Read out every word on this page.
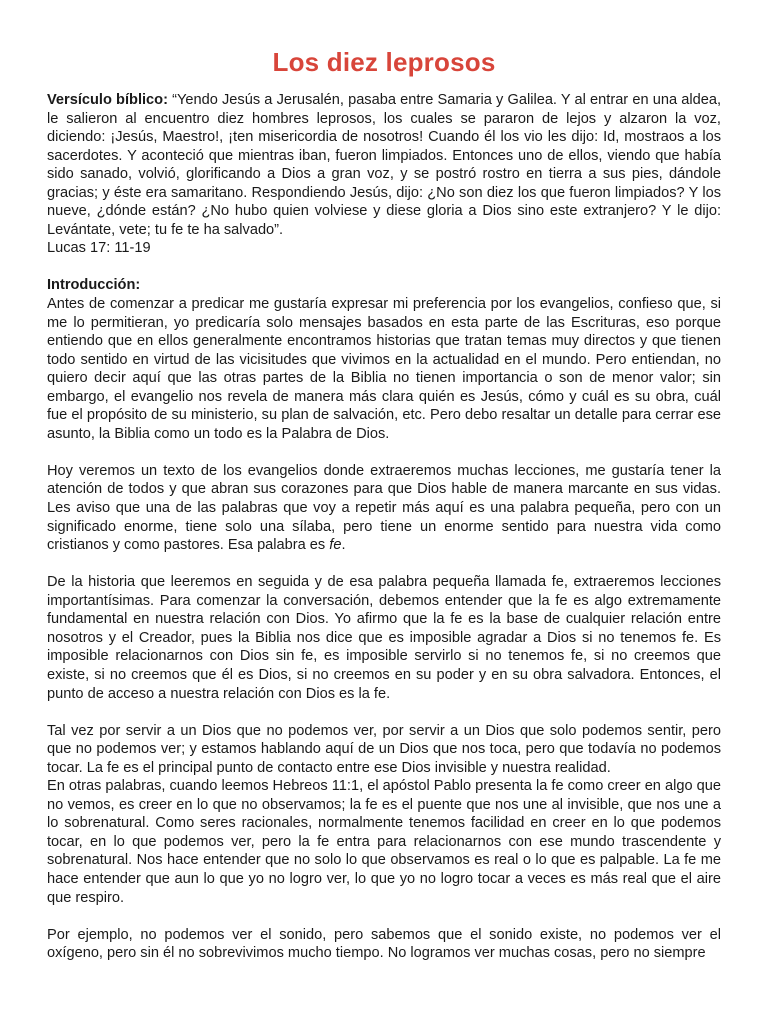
Los diez leprosos

Versículo bíblico: “Yendo Jesús a Jerusalén, pasaba entre Samaria y Galilea. Y al entrar en una aldea, le salieron al encuentro diez hombres leprosos, los cuales se pararon de lejos y alzaron la voz, diciendo: ¡Jesús, Maestro!, ¡ten misericordia de nosotros! Cuando él los vio les dijo: Id, mostraos a los sacerdotes. Y aconteció que mientras iban, fueron limpiados. Entonces uno de ellos, viendo que había sido sanado, volvió, glorificando a Dios a gran voz, y se postró rostro en tierra a sus pies, dándole gracias; y éste era samaritano. Respondiendo Jesús, dijo: ¿No son diez los que fueron limpiados? Y los nueve, ¿dónde están? ¿No hubo quien volviese y diese gloria a Dios sino este extranjero? Y le dijo: Levántate, vete; tu fe te ha salvado”.

Lucas 17: 11-19

Introducción:

Antes de comenzar a predicar me gustaría expresar mi preferencia por los evangelios, confieso que, si me lo permitieran, yo predicaría solo mensajes basados en esta parte de las Escrituras, eso porque entiendo que en ellos generalmente encontramos historias que tratan temas muy directos y que tienen todo sentido en virtud de las vicisitudes que vivimos en la actualidad en el mundo. Pero entiendan, no quiero decir aquí que las otras partes de la Biblia no tienen importancia o son de menor valor; sin embargo, el evangelio nos revela de manera más clara quién es Jesús, cómo y cuál es su obra, cuál fue el propósito de su ministerio, su plan de salvación, etc. Pero debo resaltar un detalle para cerrar ese asunto, la Biblia como un todo es la Palabra de Dios.

Hoy veremos un texto de los evangelios donde extraeremos muchas lecciones, me gustaría tener la atención de todos y que abran sus corazones para que Dios hable de manera marcante en sus vidas. Les aviso que una de las palabras que voy a repetir más aquí es una palabra pequeña, pero con un significado enorme, tiene solo una sílaba, pero tiene un enorme sentido para nuestra vida como cristianos y como pastores. Esa palabra es fe.

De la historia que leeremos en seguida y de esa palabra pequeña llamada fe, extraeremos lecciones importantísimas. Para comenzar la conversación, debemos entender que la fe es algo extremamente fundamental en nuestra relación con Dios. Yo afirmo que la fe es la base de cualquier relación entre nosotros y el Creador, pues la Biblia nos dice que es imposible agradar a Dios si no tenemos fe. Es imposible relacionarnos con Dios sin fe, es imposible servirlo si no tenemos fe, si no creemos que existe, si no creemos que él es Dios, si no creemos en su poder y en su obra salvadora. Entonces, el punto de acceso a nuestra relación con Dios es la fe.

Tal vez por servir a un Dios que no podemos ver, por servir a un Dios que solo podemos sentir, pero que no podemos ver; y estamos hablando aquí de un Dios que nos toca, pero que todavía no podemos tocar. La fe es el principal punto de contacto entre ese Dios invisible y nuestra realidad.

En otras palabras, cuando leemos Hebreos 11:1, el apóstol Pablo presenta la fe como creer en algo que no vemos, es creer en lo que no observamos; la fe es el puente que nos une al invisible, que nos une a lo sobrenatural. Como seres racionales, normalmente tenemos facilidad en creer en lo que podemos tocar, en lo que podemos ver, pero la fe entra para relacionarnos con ese mundo trascendente y sobrenatural. Nos hace entender que no solo lo que observamos es real o lo que es palpable. La fe me hace entender que aun lo que yo no logro ver, lo que yo no logro tocar a veces es más real que el aire que respiro.

Por ejemplo, no podemos ver el sonido, pero sabemos que el sonido existe, no podemos ver el oxígeno, pero sin él no sobrevivimos mucho tiempo. No logramos ver muchas cosas, pero no siempre
